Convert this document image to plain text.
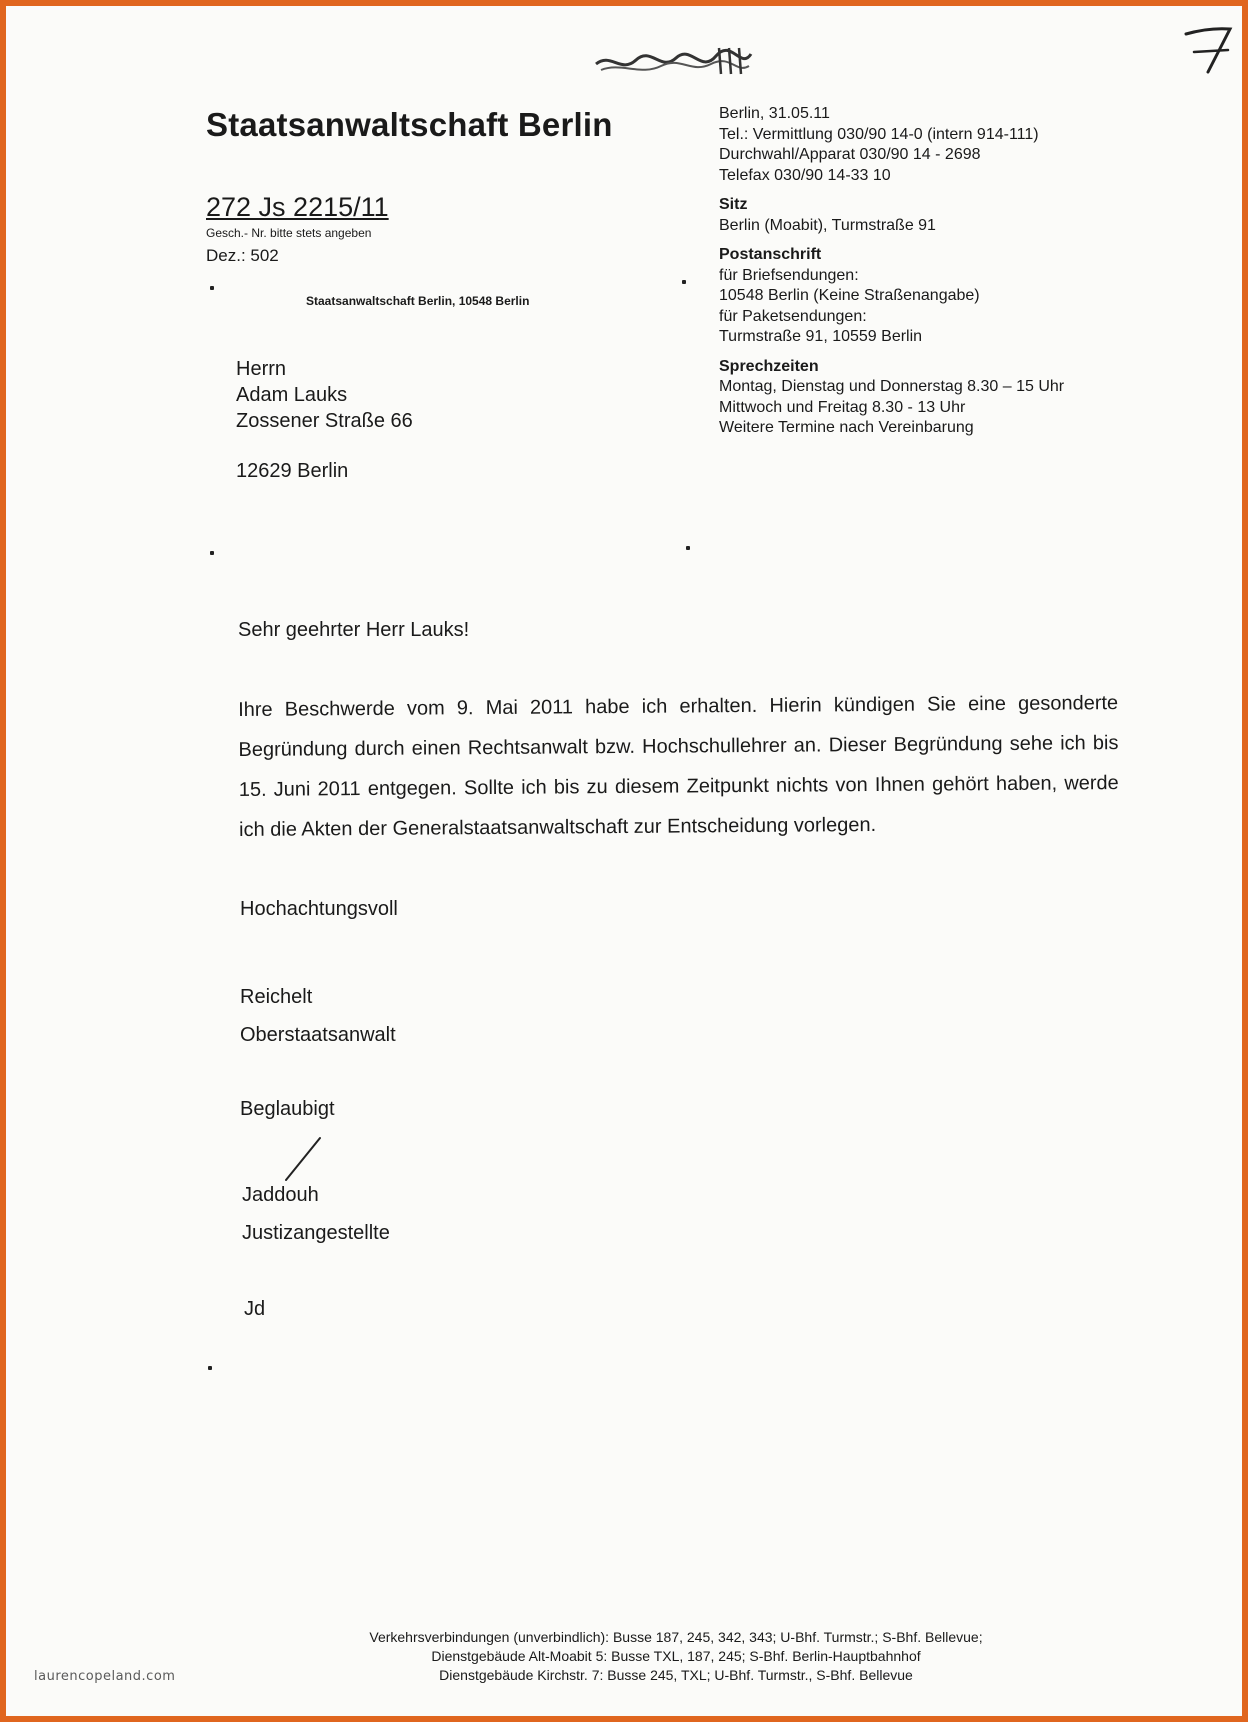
Staatsanwaltschaft Berlin
272 Js 2215/11
Gesch.- Nr. bitte stets angeben
Dez.: 502
Staatsanwaltschaft Berlin, 10548 Berlin
Herrn
Adam Lauks
Zossener Straße 66
12629 Berlin
Berlin, 31.05.11
Tel.: Vermittlung 030/90 14-0 (intern 914-111)
Durchwahl/Apparat 030/90 14 - 2698
Telefax 030/90 14-33 10
Sitz
Berlin (Moabit), Turmstraße 91
Postanschrift
für Briefsendungen:
10548 Berlin (Keine Straßenangabe)
für Paketsendungen:
Turmstraße 91, 10559 Berlin
Sprechzeiten
Montag, Dienstag und Donnerstag 8.30 – 15 Uhr
Mittwoch und Freitag 8.30 - 13 Uhr
Weitere Termine nach Vereinbarung
Sehr geehrter Herr Lauks!
Ihre Beschwerde vom 9. Mai 2011 habe ich erhalten. Hierin kündigen Sie eine gesonderte Begründung durch einen Rechtsanwalt bzw. Hochschullehrer an. Dieser Begründung sehe ich bis 15. Juni 2011 entgegen. Sollte ich bis zu diesem Zeitpunkt nichts von Ihnen gehört haben, werde ich die Akten der Generalstaatsanwaltschaft zur Entscheidung vorlegen.
Hochachtungsvoll
Reichelt
Oberstaatsanwalt
Beglaubigt
Jaddouh
Justizangestellte
Jd
Verkehrsverbindungen (unverbindlich): Busse 187, 245, 342, 343; U-Bhf. Turmstr.; S-Bhf. Bellevue;
Dienstgebäude Alt-Moabit 5: Busse TXL, 187, 245; S-Bhf. Berlin-Hauptbahnhof
Dienstgebäude Kirchstr. 7: Busse 245, TXL; U-Bhf. Turmstr., S-Bhf. Bellevue
laurencopeland.com
